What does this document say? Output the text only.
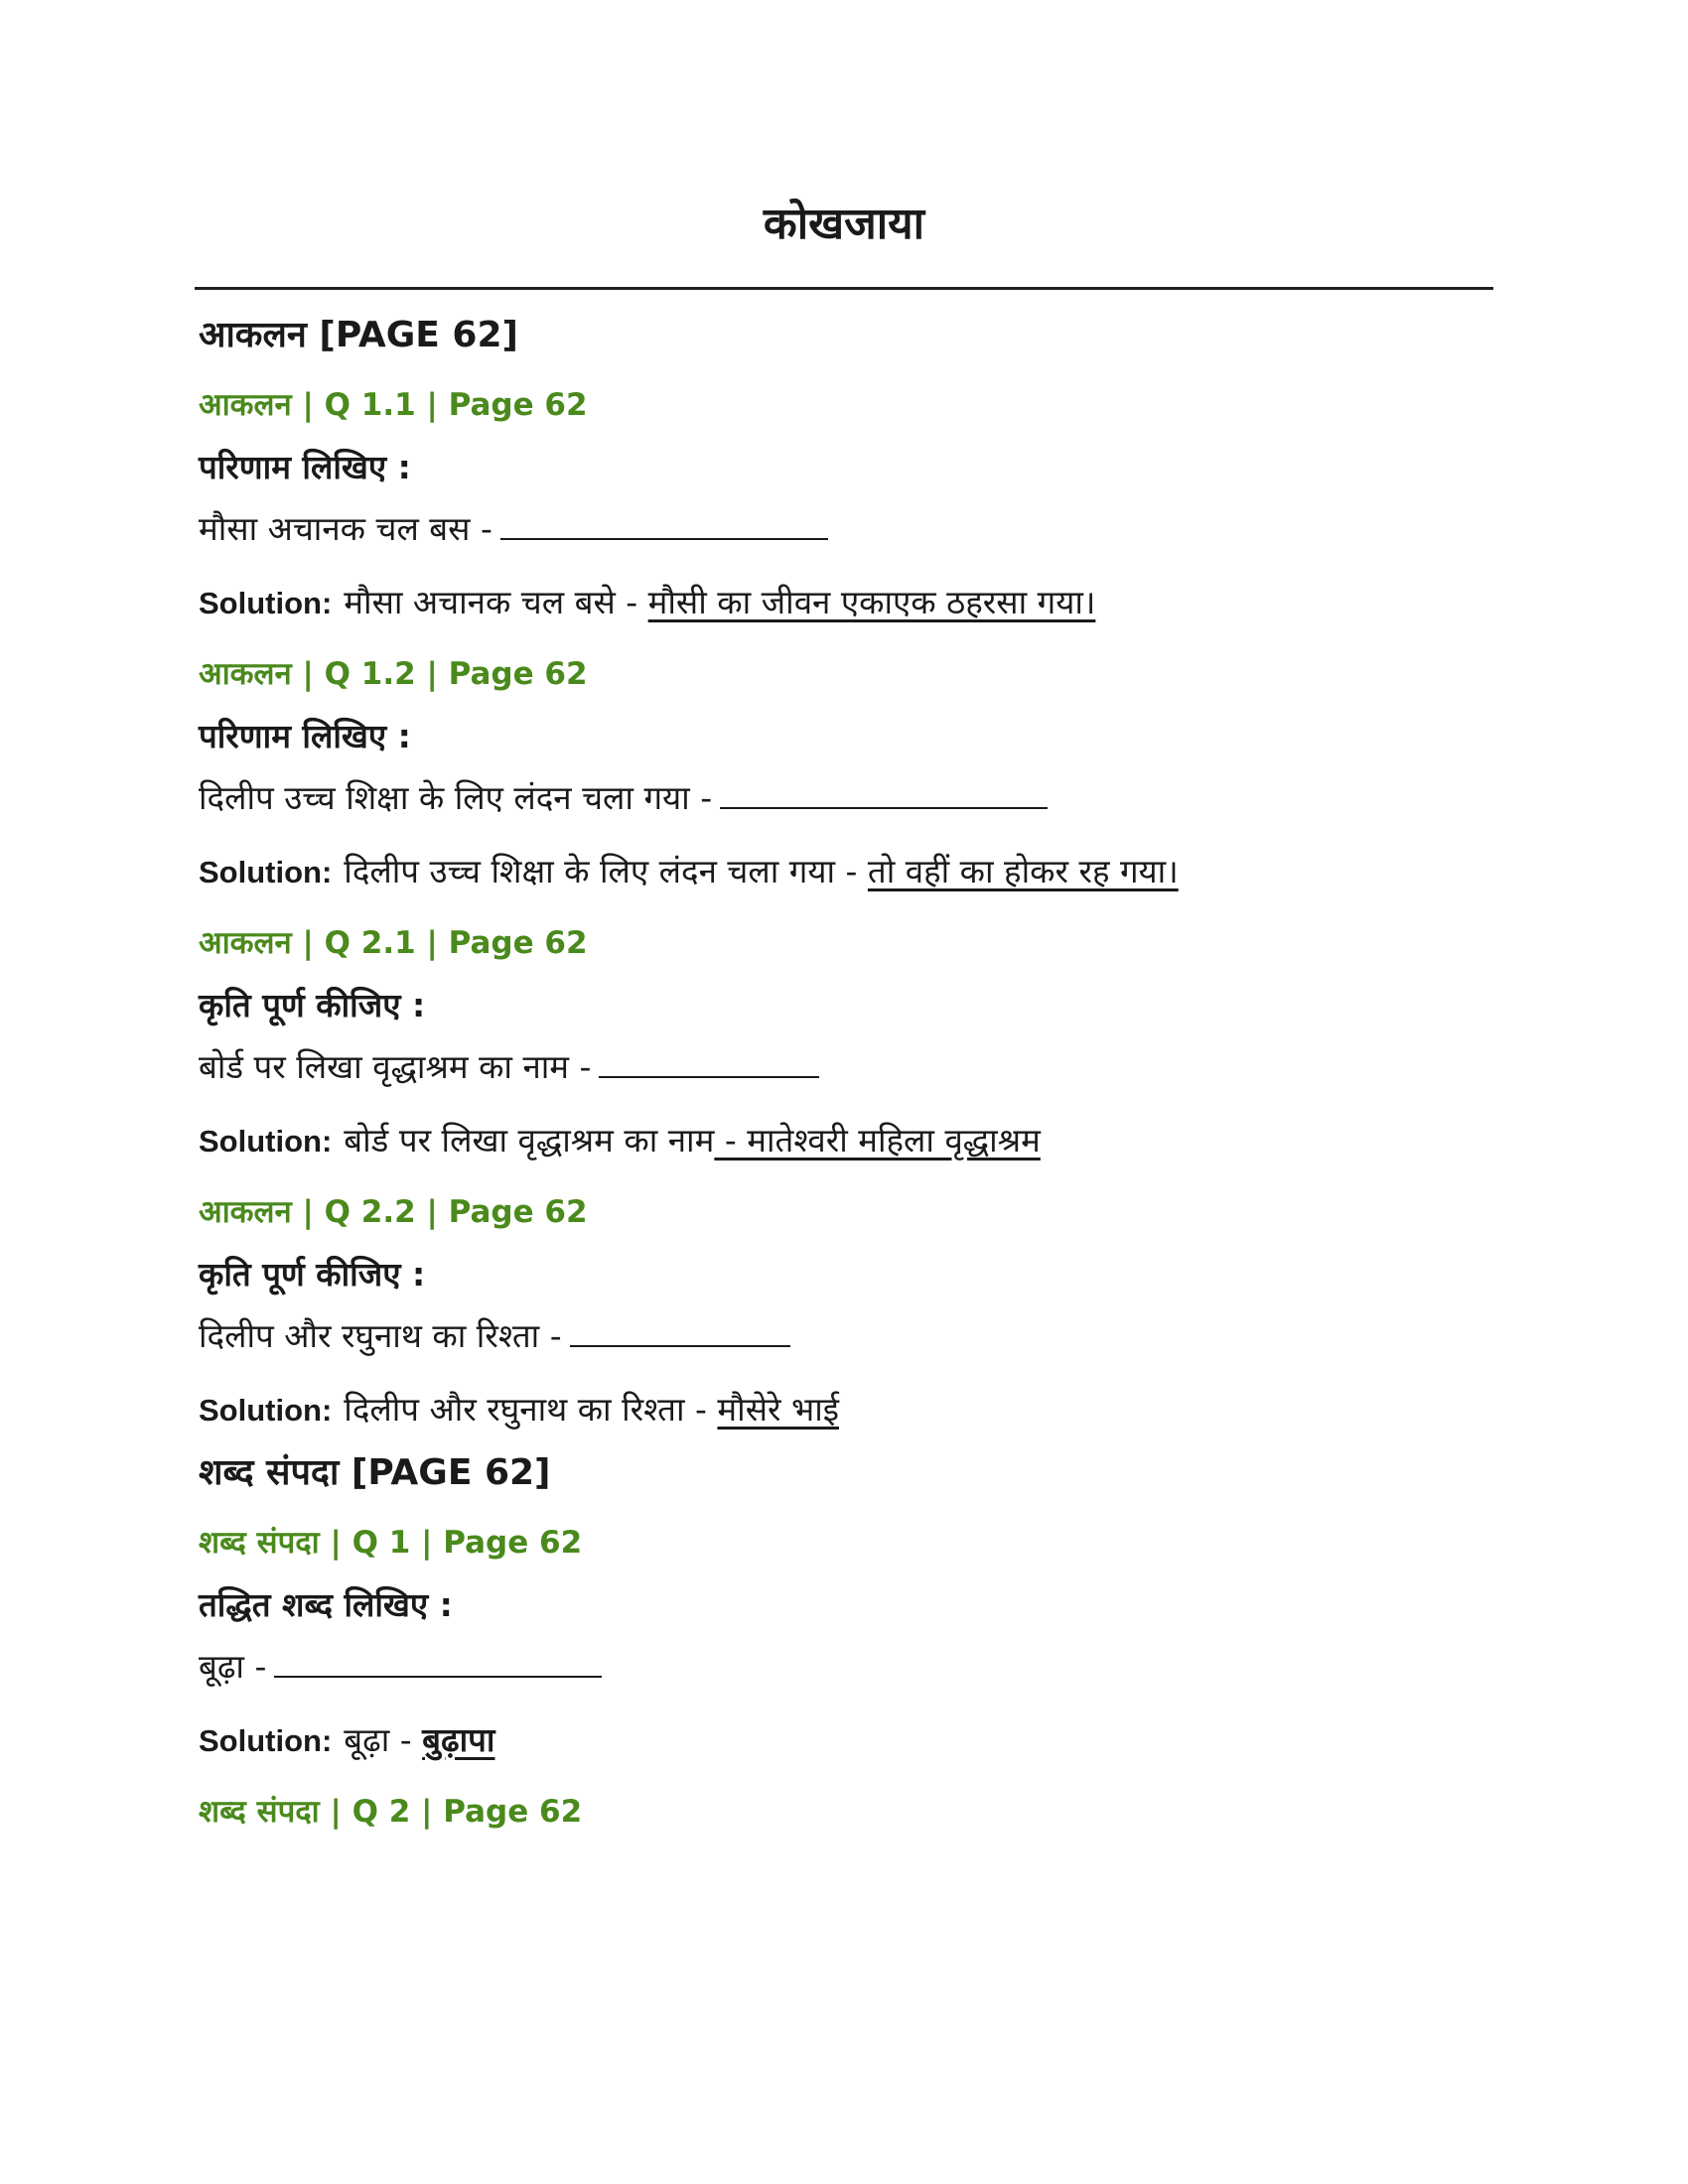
कोखजाया
आकलन [PAGE 62]
आकलन | Q 1.1 | Page 62
परिणाम लिखिए :
मौसा अचानक चल बस -
Solution: मौसा अचानक चल बसे - मौसी का जीवन एकाएक ठहरसा गया।
आकलन | Q 1.2 | Page 62
परिणाम लिखिए :
दिलीप उच्च शिक्षा के लिए लंदन चला गया -
Solution: दिलीप उच्च शिक्षा के लिए लंदन चला गया - तो वहीं का होकर रह गया।
आकलन | Q 2.1 | Page 62
कृति पूर्ण कीजिए :
बोर्ड पर लिखा वृद्धाश्रम का नाम -
Solution: बोर्ड पर लिखा वृद्धाश्रम का नाम - मातेश्वरी महिला वृद्धाश्रम
आकलन | Q 2.2 | Page 62
कृति पूर्ण कीजिए :
दिलीप और रघुनाथ का रिश्ता -
Solution: दिलीप और रघुनाथ का रिश्ता - मौसेरे भाई
शब्द संपदा [PAGE 62]
शब्द संपदा | Q 1 | Page 62
तद्धित शब्द लिखिए :
बूढ़ा -
Solution: बूढ़ा - बुढ़ापा
शब्द संपदा | Q 2 | Page 62
